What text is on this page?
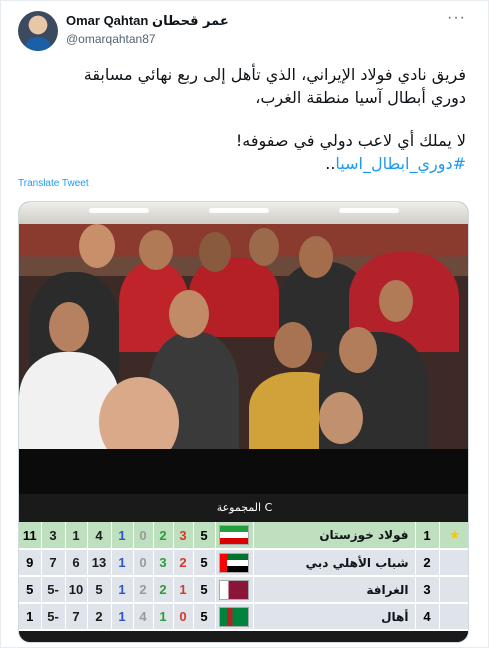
Omar Qahtan عمر قحطان
@omarqahtan87
···

فريق نادي فولاد الإيراني، الذي تأهل إلى ربع نهائي مسابقة

دوري أبطال آسيا منطقة الغرب،

لا يملك أي لاعب دولي في صفوفه!

#دوري_ابطال_اسيا..

Translate Tweet
المجموعة C
11	3	1	4	1	0	2	3	5		فولاد خوزستان	1	★
9	7	6	13	1	0	3	2	5		شباب الأهلي دبي	2	
5	5-	10	5	1	2	2	1	5		الغرافة	3	
1	5-	7	2	1	4	1	0	5		أهال	4	
